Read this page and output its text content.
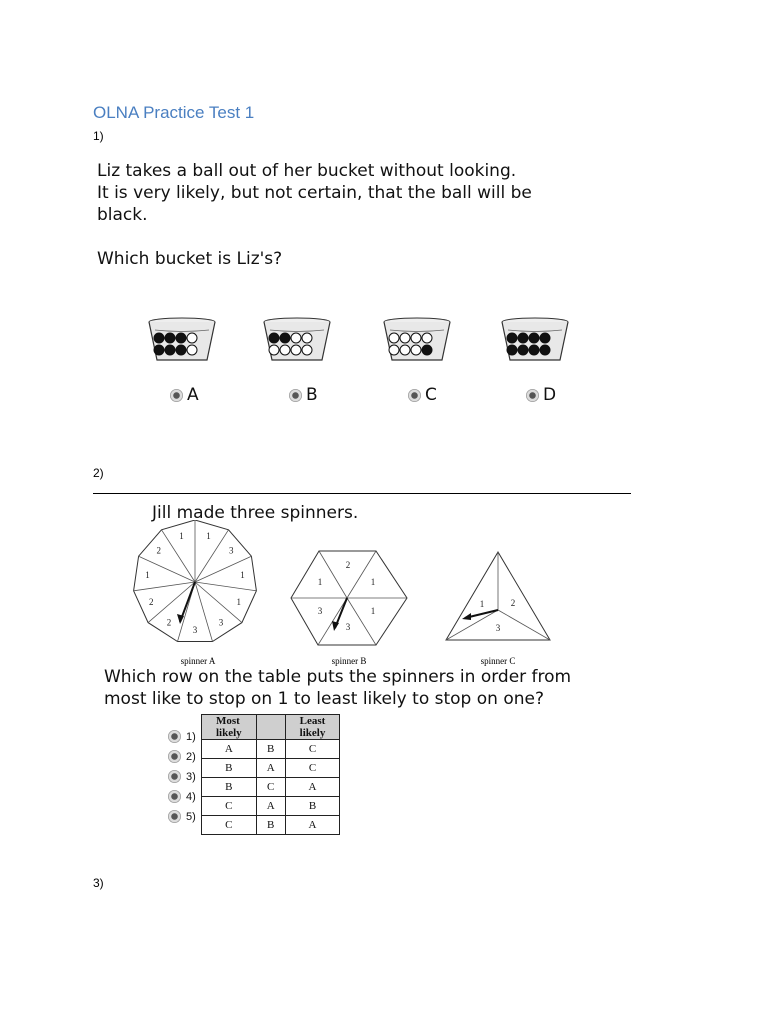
OLNA Practice Test 1
1)
Liz takes a ball out of her bucket without looking.
It is very likely, but not certain, that the ball will be
black.
Which bucket is Liz's?
A	B	C	D
2)
Jill made three spinners.
1	1
3
1
1
3
3
2
2
1
2
2
1	1
3
3
1
1	2
3
spinner A	spinner B	spinner C
Which row on the table puts the spinners in order from
most like to stop on 1 to least likely to stop on one?
1)
2)
3)
4)
5)
Most likely		Least likely
A	B	C
B	A	C
B	C	A
C	A	B
C	B	A
3)
